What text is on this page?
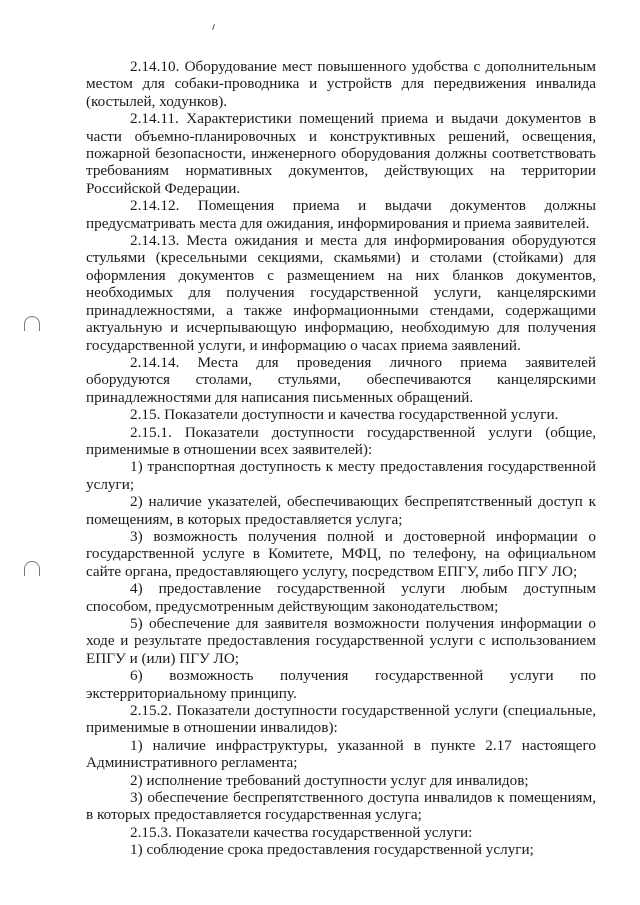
2.14.10. Оборудование мест повышенного удобства с дополнительным местом для собаки-проводника и устройств для передвижения инвалида (костылей, ходунков).

2.14.11. Характеристики помещений приема и выдачи документов в части объемно-планировочных и конструктивных решений, освещения, пожарной безопасности, инженерного оборудования должны соответствовать требованиям нормативных документов, действующих на территории Российской Федерации.

2.14.12. Помещения приема и выдачи документов должны предусматривать места для ожидания, информирования и приема заявителей.

2.14.13. Места ожидания и места для информирования оборудуются стульями (кресельными секциями, скамьями) и столами (стойками) для оформления документов с размещением на них бланков документов, необходимых для получения государственной услуги, канцелярскими принадлежностями, а также информационными стендами, содержащими актуальную и исчерпывающую информацию, необходимую для получения государственной услуги, и информацию о часах приема заявлений.

2.14.14. Места для проведения личного приема заявителей оборудуются столами, стульями, обеспечиваются канцелярскими принадлежностями для написания письменных обращений.

2.15. Показатели доступности и качества государственной услуги.

2.15.1. Показатели доступности государственной услуги (общие, применимые в отношении всех заявителей):

1) транспортная доступность к месту предоставления государственной услуги;

2) наличие указателей, обеспечивающих беспрепятственный доступ к помещениям, в которых предоставляется услуга;

3) возможность получения полной и достоверной информации о государственной услуге в Комитете, МФЦ, по телефону, на официальном сайте органа, предоставляющего услугу, посредством ЕПГУ, либо ПГУ ЛО;

4) предоставление государственной услуги любым доступным способом, предусмотренным действующим законодательством;

5) обеспечение для заявителя возможности получения информации о ходе и результате предоставления государственной услуги с использованием ЕПГУ и (или) ПГУ ЛО;

6) возможность получения государственной услуги по экстерриториальному принципу.

2.15.2. Показатели доступности государственной услуги (специальные, применимые в отношении инвалидов):

1) наличие инфраструктуры, указанной в пункте 2.17 настоящего Административного регламента;

2) исполнение требований доступности услуг для инвалидов;

3) обеспечение беспрепятственного доступа инвалидов к помещениям, в которых предоставляется государственная услуга;

2.15.3. Показатели качества государственной услуги:

1) соблюдение срока предоставления государственной услуги;
